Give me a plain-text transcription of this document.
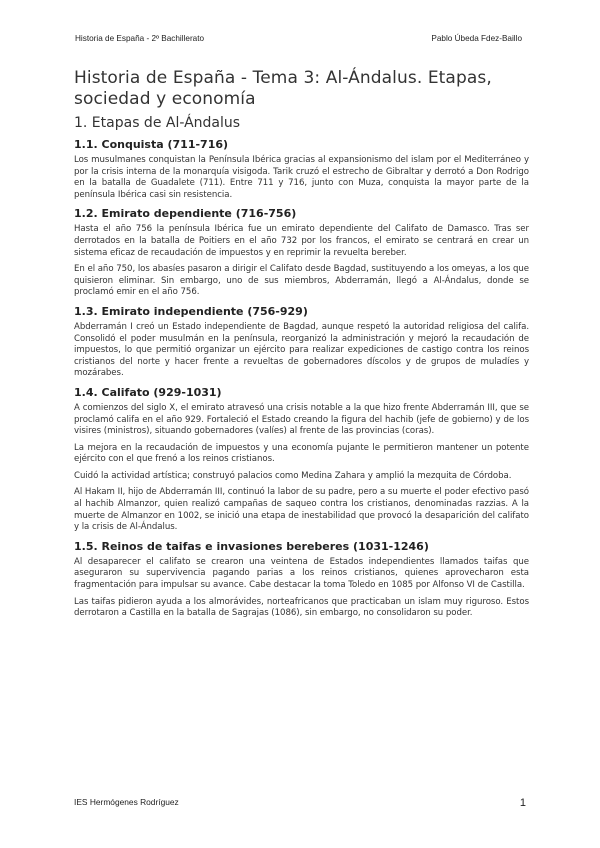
Historia de España - 2º Bachillerato	Pablo Úbeda Fdez-Baillo
Historia de España - Tema 3: Al-Ándalus. Etapas, sociedad y economía
1. Etapas de Al-Ándalus
1.1. Conquista (711-716)

Los musulmanes conquistan la Península Ibérica gracias al expansionismo del islam por el Mediterráneo y por la crisis interna de la monarquía visigoda. Tarik cruzó el estrecho de Gibraltar y derrotó a Don Rodrigo en la batalla de Guadalete (711). Entre 711 y 716, junto con Muza, conquista la mayor parte de la península Ibérica casi sin resistencia.

1.2. Emirato dependiente (716-756)

Hasta el año 756 la península Ibérica fue un emirato dependiente del Califato de Damasco. Tras ser derrotados en la batalla de Poitiers en el año 732 por los francos, el emirato se centrará en crear un sistema eficaz de recaudación de impuestos y en reprimir la revuelta bereber.

En el año 750, los abasíes pasaron a dirigir el Califato desde Bagdad, sustituyendo a los omeyas, a los que quisieron eliminar. Sin embargo, uno de sus miembros, Abderramán, llegó a Al-Ándalus, donde se proclamó emir en el año 756.

1.3. Emirato independiente (756-929)

Abderramán I creó un Estado independiente de Bagdad, aunque respetó la autoridad religiosa del califa. Consolidó el poder musulmán en la península, reorganizó la administración y mejoró la recaudación de impuestos, lo que permitió organizar un ejército para realizar expediciones de castigo contra los reinos cristianos del norte y hacer frente a revueltas de gobernadores díscolos y de grupos de muladíes y mozárabes.

1.4. Califato (929-1031)

A comienzos del siglo X, el emirato atravesó una crisis notable a la que hizo frente Abderramán III, que se proclamó califa en el año 929. Fortaleció el Estado creando la figura del hachib (jefe de gobierno) y de los visires (ministros), situando gobernadores (valíes) al frente de las provincias (coras).

La mejora en la recaudación de impuestos y una economía pujante le permitieron mantener un potente ejército con el que frenó a los reinos cristianos.

Cuidó la actividad artística; construyó palacios como Medina Zahara y amplió la mezquita de Córdoba.

Al Hakam II, hijo de Abderramán III, continuó la labor de su padre, pero a su muerte el poder efectivo pasó al hachib Almanzor, quien realizó campañas de saqueo contra los cristianos, denominadas razzias. A la muerte de Almanzor en 1002, se inició una etapa de inestabilidad que provocó la desaparición del califato y la crisis de Al-Ándalus.

1.5. Reinos de taifas e invasiones bereberes (1031-1246)

Al desaparecer el califato se crearon una veintena de Estados independientes llamados taifas que aseguraron su supervivencia pagando parias a los reinos cristianos, quienes aprovecharon esta fragmentación para impulsar su avance. Cabe destacar la toma Toledo en 1085 por Alfonso VI de Castilla.

Las taifas pidieron ayuda a los almorávides, norteafricanos que practicaban un islam muy riguroso. Estos derrotaron a Castilla en la batalla de Sagrajas (1086), sin embargo, no consolidaron su poder.

IES Hermógenes Rodríguez	1
